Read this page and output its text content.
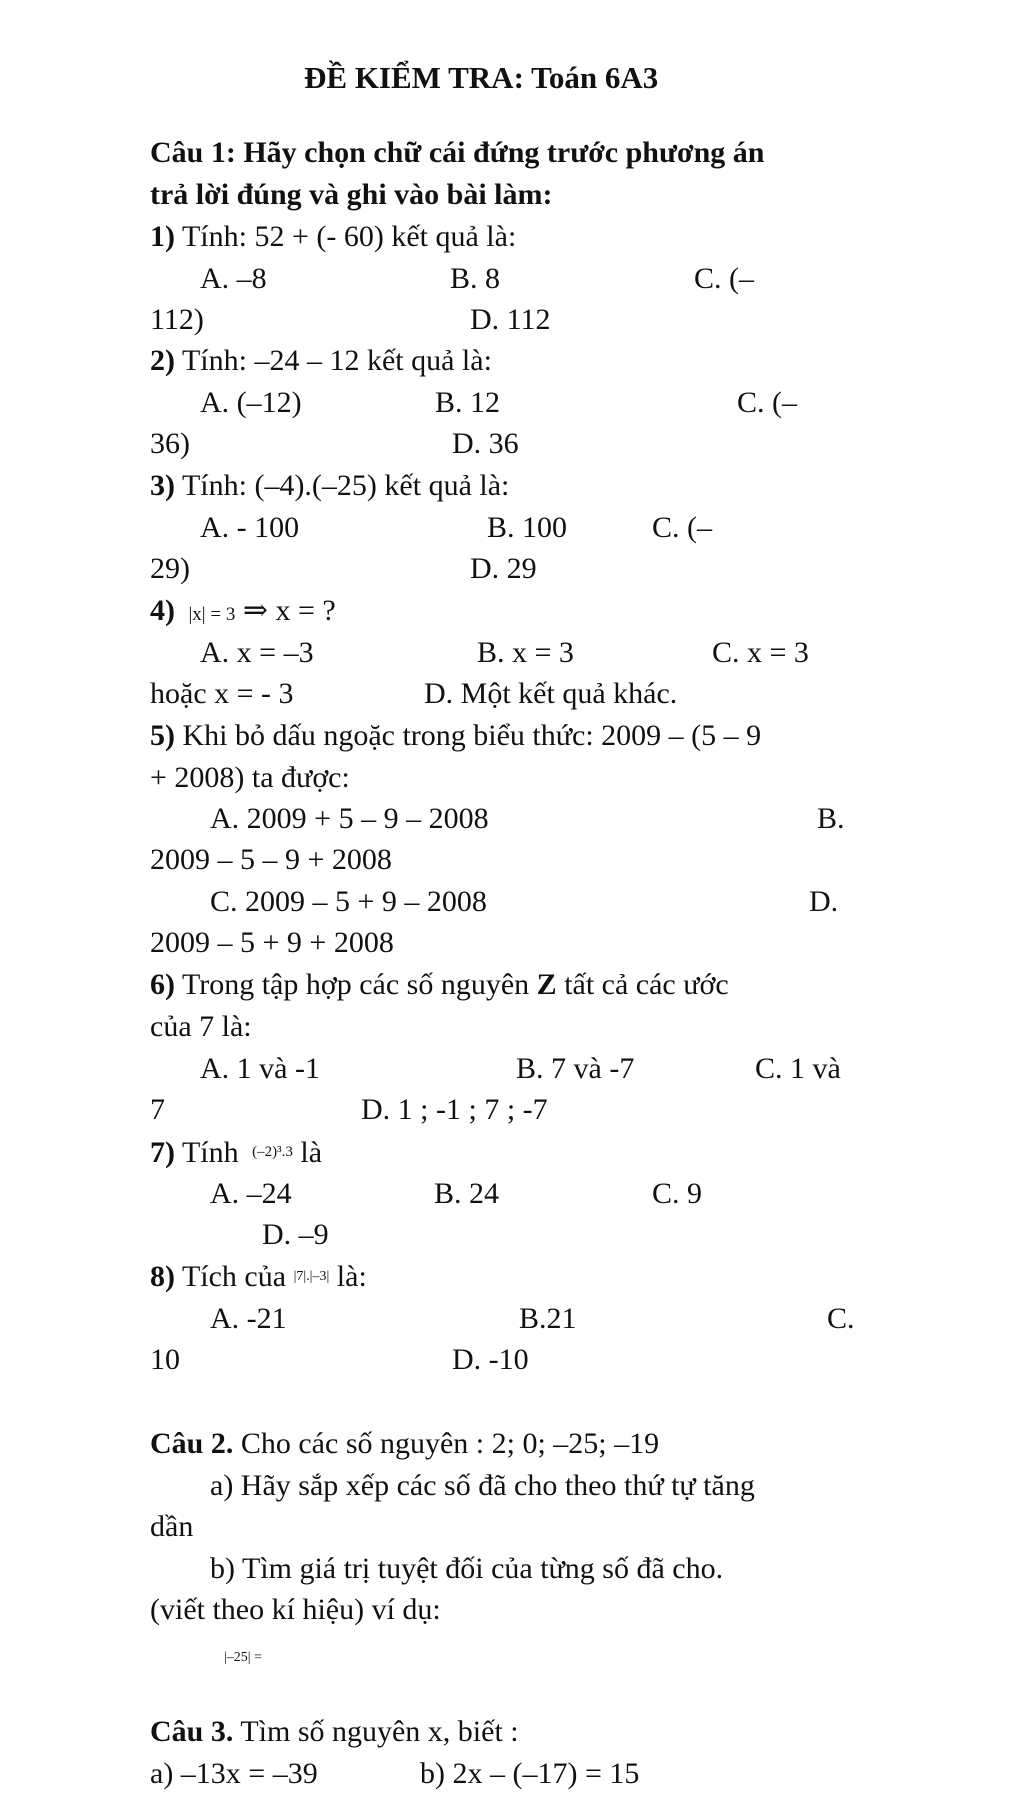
ĐỀ KIỂM TRA: Toán 6A3
Câu 1: Hãy chọn chữ cái đứng trước phương án
trả lời đúng và ghi vào bài làm:
1) Tính: 52 + (- 60) kết quả là:
A. –8	B. 8	C. (–
112)	D. 112
2) Tính: –24 – 12 kết quả là:
A. (–12)	B. 12	C. (–
36)	D. 36
3) Tính: (–4).(–25) kết quả là:
A. - 100	B. 100	C. (–
29)	D. 29
4) |x| = 3 ⇒ x = ?
A. x = –3	B. x = 3	C. x = 3
hoặc x = - 3	D. Một kết quả khác.
5) Khi bỏ dấu ngoặc trong biểu thức: 2009 – (5 – 9
+ 2008) ta được:
A. 2009 + 5 – 9 – 2008	B.
2009 – 5 – 9 + 2008
C. 2009 – 5 + 9 – 2008	D.
2009 – 5 + 9 + 2008
6) Trong tập hợp các số nguyên Z tất cả các ước
của 7 là:
A. 1 và -1	B. 7 và -7	C. 1 và
7	D. 1 ; -1 ; 7 ; -7
7) Tính $^{(-2)^3.3}$ là
A. –24	B. 24	C. 9
D. –9
8) Tích của $^{|7|.|-3|}$ là:
A. -21	B.21	C.
10	D. -10
Câu 2. Cho các số nguyên : 2; 0; –25; –19
a) Hãy sắp xếp các số đã cho theo thứ tự tăng
dần
b) Tìm giá trị tuyệt đối của từng số đã cho.
(viết theo kí hiệu) ví dụ:
|–25| =
Câu 3. Tìm số nguyên x, biết :
a) –13x = –39	b) 2x – (–17) = 15
